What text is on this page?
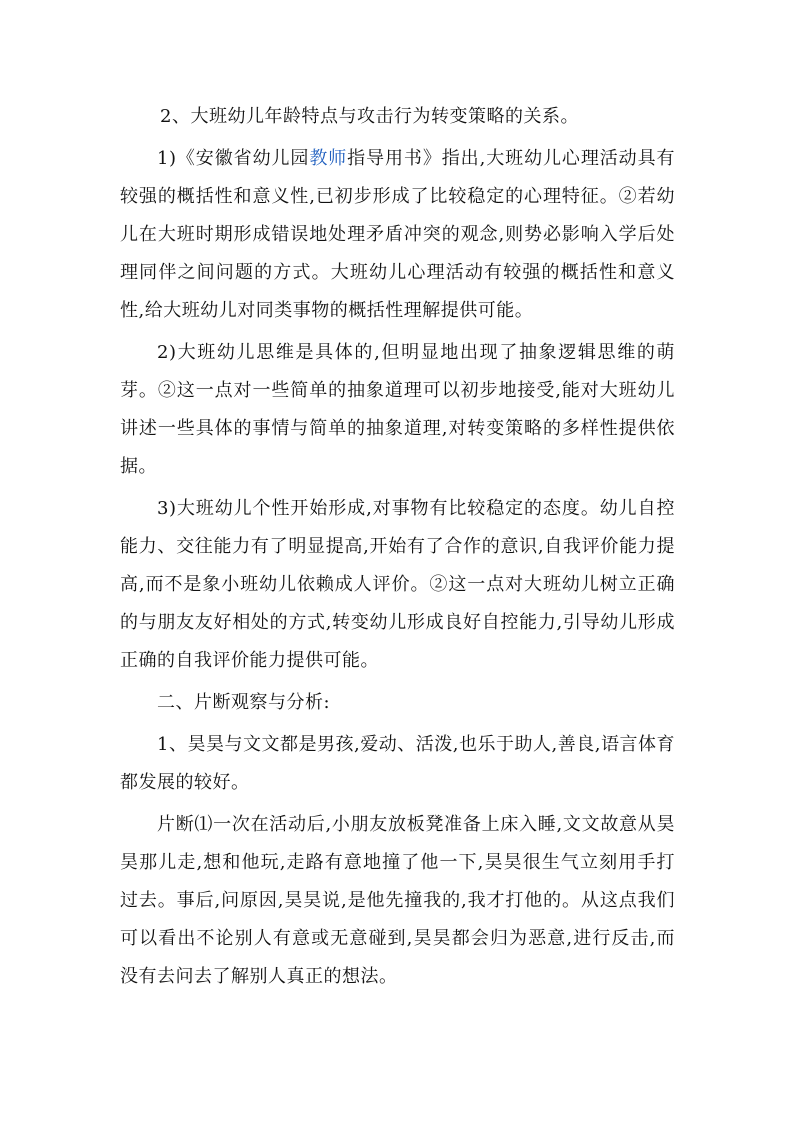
2、大班幼儿年龄特点与攻击行为转变策略的关系。

1)《安徽省幼儿园教师指导用书》指出,大班幼儿心理活动具有较强的概括性和意义性,已初步形成了比较稳定的心理特征。②若幼儿在大班时期形成错误地处理矛盾冲突的观念,则势必影响入学后处理同伴之间问题的方式。大班幼儿心理活动有较强的概括性和意义性,给大班幼儿对同类事物的概括性理解提供可能。

2)大班幼儿思维是具体的,但明显地出现了抽象逻辑思维的萌芽。②这一点对一些简单的抽象道理可以初步地接受,能对大班幼儿讲述一些具体的事情与简单的抽象道理,对转变策略的多样性提供依据。

3)大班幼儿个性开始形成,对事物有比较稳定的态度。幼儿自控能力、交往能力有了明显提高,开始有了合作的意识,自我评价能力提高,而不是象小班幼儿依赖成人评价。②这一点对大班幼儿树立正确的与朋友友好相处的方式,转变幼儿形成良好自控能力,引导幼儿形成正确的自我评价能力提供可能。

二、片断观察与分析:

1、昊昊与文文都是男孩,爱动、活泼,也乐于助人,善良,语言体育都发展的较好。

片断⑴一次在活动后,小朋友放板凳准备上床入睡,文文故意从昊昊那儿走,想和他玩,走路有意地撞了他一下,昊昊很生气立刻用手打过去。事后,问原因,昊昊说,是他先撞我的,我才打他的。从这点我们可以看出不论别人有意或无意碰到,昊昊都会归为恶意,进行反击,而没有去问去了解别人真正的想法。
